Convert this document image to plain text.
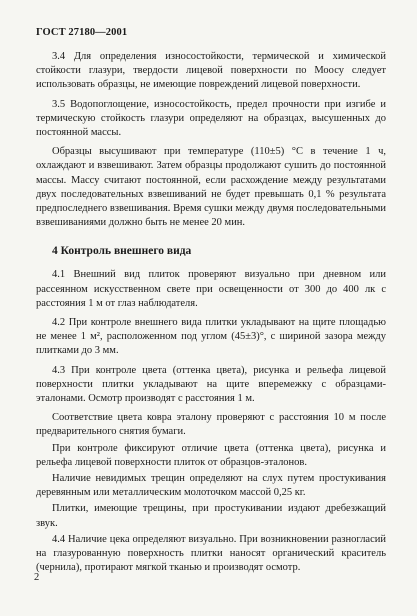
ГОСТ 27180—2001

3.4 Для определения износостойкости, термической и химической стойкости глазури, твердости лицевой поверхности по Моосу следует использовать образцы, не имеющие повреждений лицевой поверхности.

3.5 Водопоглощение, износостойкость, предел прочности при изгибе и термическую стойкость глазури определяют на образцах, высушенных до постоянной массы.

Образцы высушивают при температуре (110±5) °С в течение 1 ч, охлаждают и взвешивают. Затем образцы продолжают сушить до постоянной массы. Массу считают постоянной, если расхождение между результатами двух последовательных взвешиваний не будет превышать 0,1 % результата предпоследнего взвешивания. Время сушки между двумя последовательными взвешиваниями должно быть не менее 20 мин.

4 Контроль внешнего вида

4.1 Внешний вид плиток проверяют визуально при дневном или рассеянном искусственном свете при освещенности от 300 до 400 лк с расстояния 1 м от глаз наблюдателя.

4.2 При контроле внешнего вида плитки укладывают на щите площадью не менее 1 м², расположенном под углом (45±3)°, с шириной зазора между плитками до 3 мм.

4.3 При контроле цвета (оттенка цвета), рисунка и рельефа лицевой поверхности плитки укладывают на щите вперемежку с образцами-эталонами. Осмотр производят с расстояния 1 м.

Соответствие цвета ковра эталону проверяют с расстояния 10 м после предварительного снятия бумаги.

При контроле фиксируют отличие цвета (оттенка цвета), рисунка и рельефа лицевой поверхности плиток от образцов-эталонов.

Наличие невидимых трещин определяют на слух путем простукивания деревянным или металлическим молоточком массой 0,25 кг.

Плитки, имеющие трещины, при простукивании издают дребезжащий звук.

4.4 Наличие цека определяют визуально. При возникновении разногласий на глазурованную поверхность плитки наносят органический краситель (чернила), протирают мягкой тканью и производят осмотр.

2
